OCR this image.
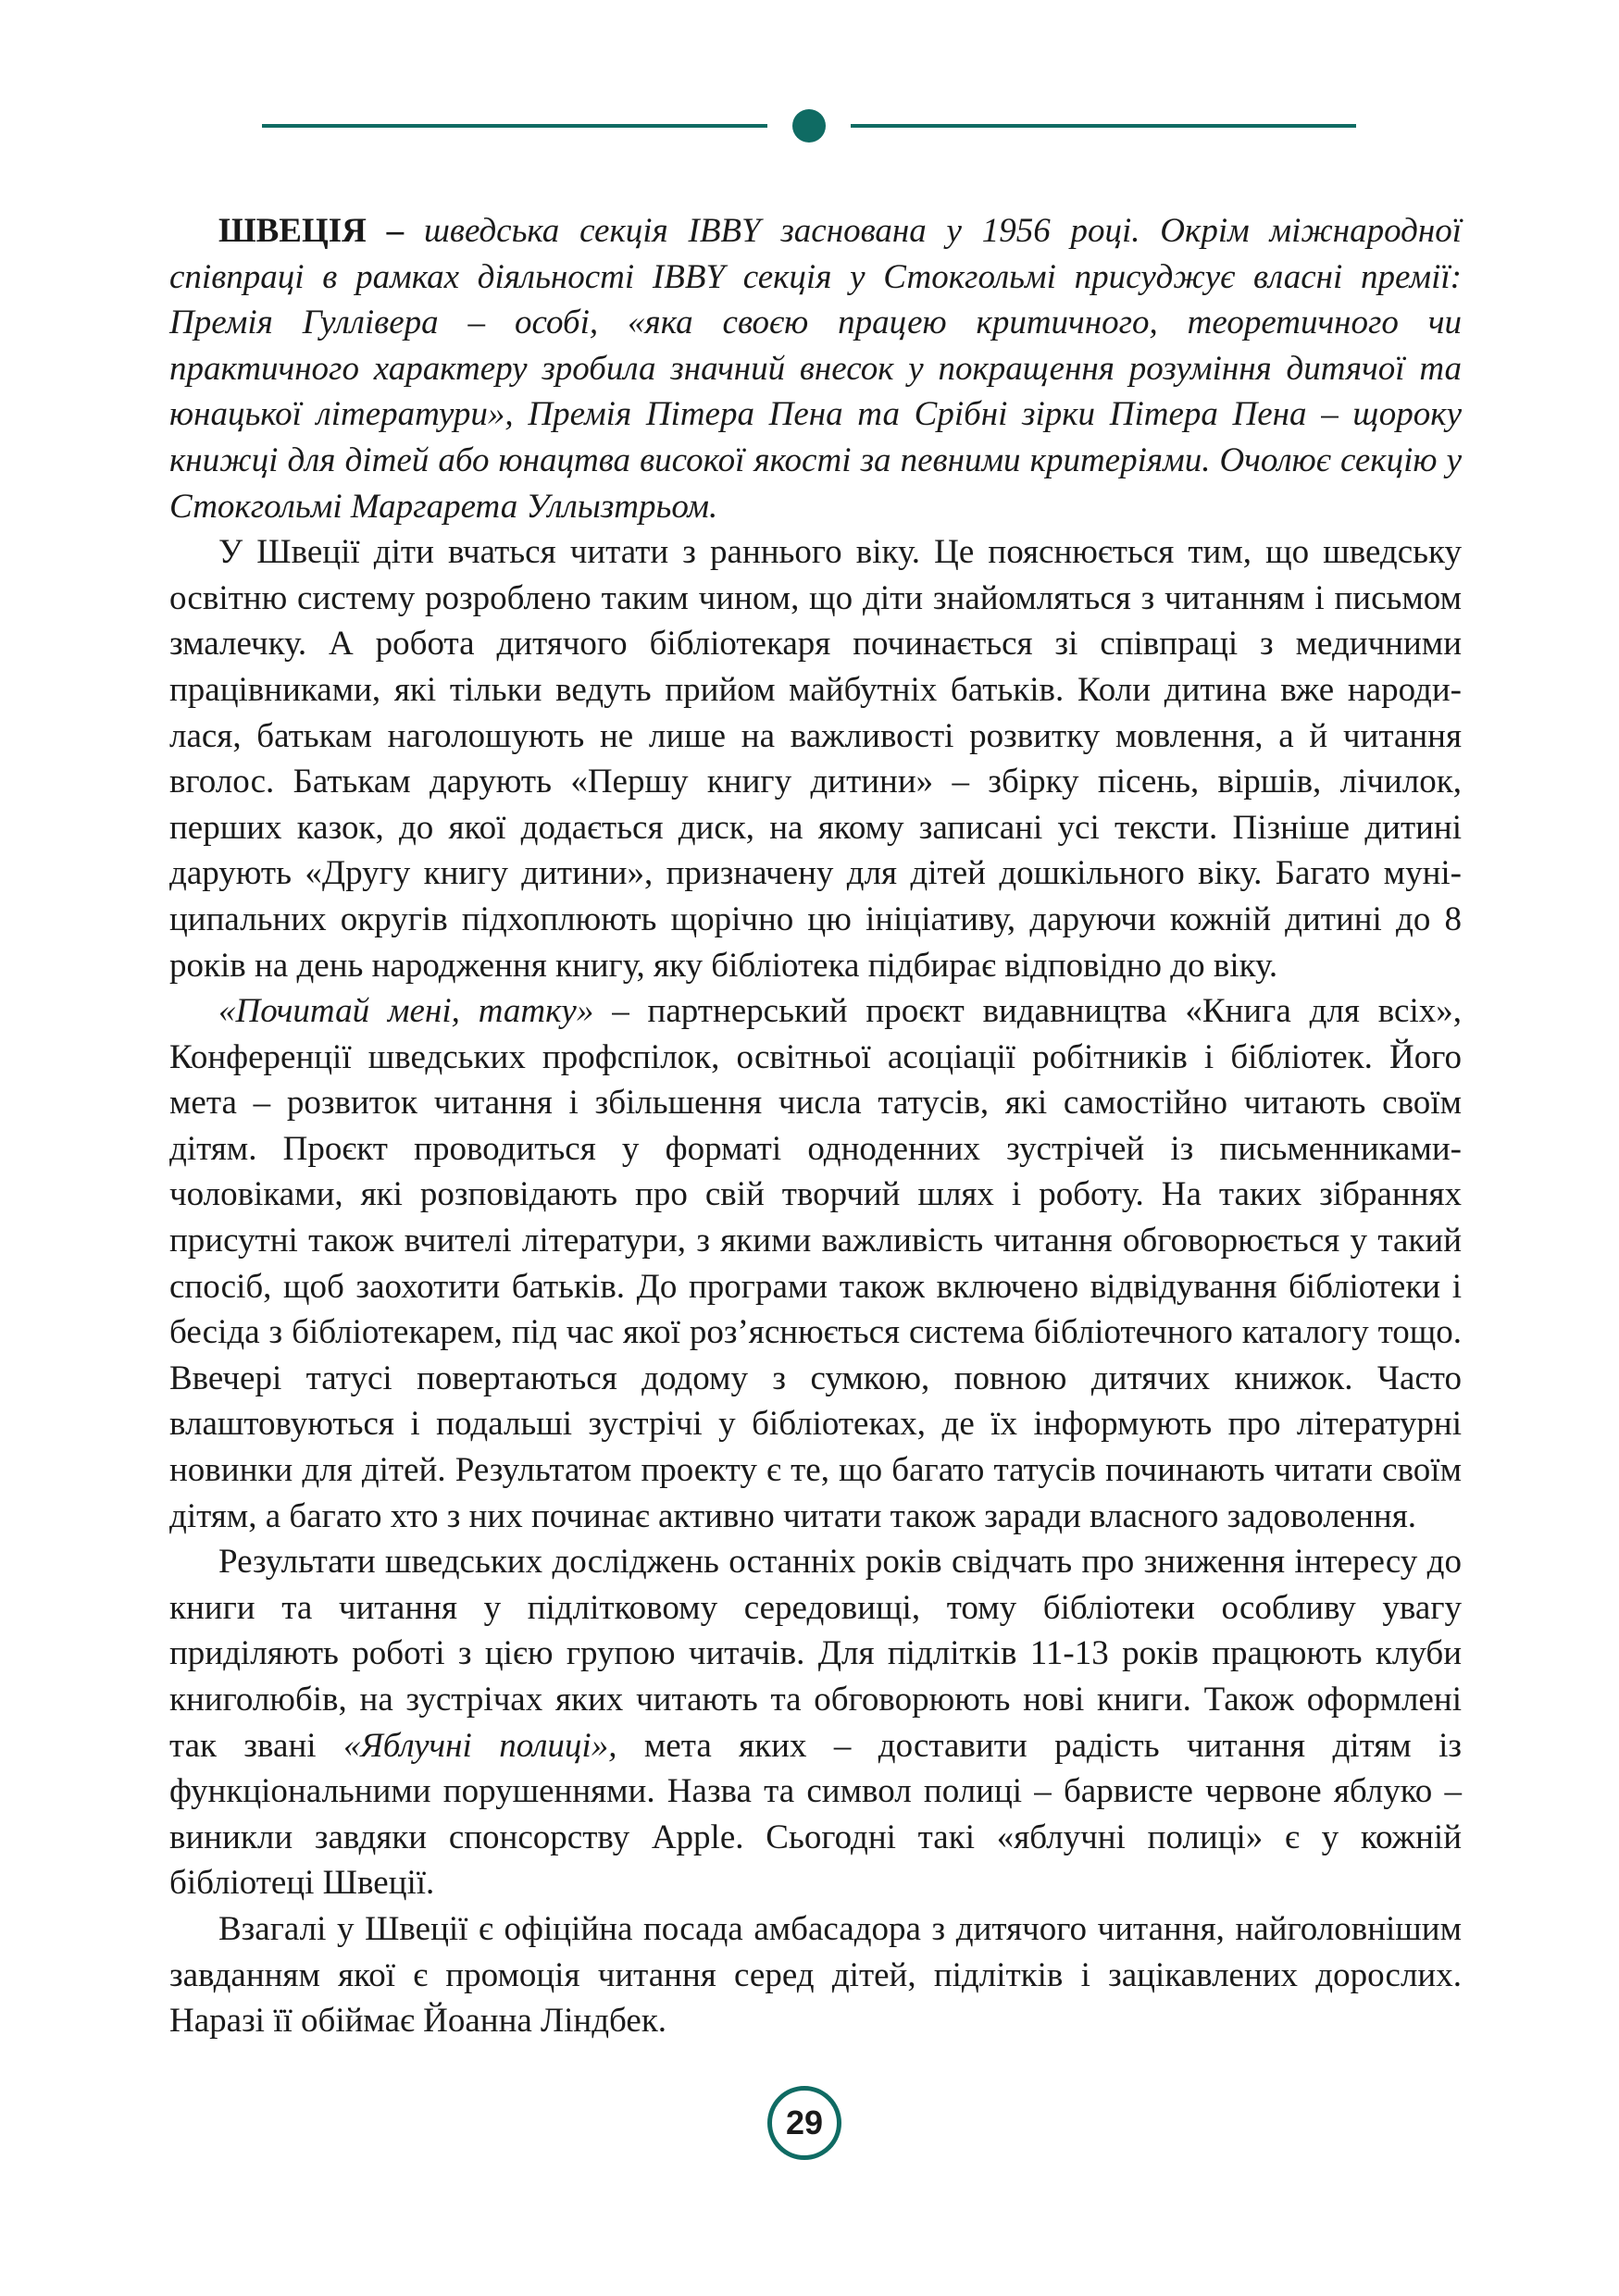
ШВЕЦІЯ – шведська секція IBBY заснована у 1956 році. Окрім міжнародної співпраці в рамках діяльності IBBY секція у Стокгольмі присуджує власні премії: Премія Гуллівера – особі, «яка своєю працею критичного, теоретичного чи практичного характеру зробила значний внесок у покращення розуміння дитячої та юнацької літератури», Премія Пітера Пена та Срібні зірки Пітера Пена – щороку книжці для дітей або юнацтва високої якості за певними критеріями. Очолює секцію у Стокгольмі Маргарета Уллызтрьом.

У Швеції діти вчаться читати з раннього віку. Це пояснюється тим, що шведську освітню систему розроблено таким чином, що діти знайомляться з читанням і письмом змалечку. А робота дитячого бібліотекаря починається зі співпраці з медичними працівниками, які тільки ведуть прийом майбутніх батьків. Коли дитина вже народилася, батькам наголошують не лише на важливості розвитку мовлення, а й читання вголос. Батькам дарують «Першу книгу дитини» – збірку пісень, віршів, лічилок, перших казок, до якої додається диск, на якому записані усі тексти. Пізніше дитині дарують «Другу книгу дитини», призначену для дітей дошкільного віку. Багато муніципальних округів підхоплюють щорічно цю ініціативу, даруючи кожній дитині до 8 років на день народження книгу, яку бібліотека підбирає відповідно до віку.

«Почитай мені, татку» – партнерський проєкт видавництва «Книга для всіх», Конференції шведських профспілок, освітньої асоціації робітників і бібліотек. Його мета – розвиток читання і збільшення числа татусів, які самостійно читають своїм дітям. Проєкт проводиться у форматі одноденних зустрічей із письменниками-чоловіками, які розповідають про свій творчий шлях і роботу. На таких зібраннях присутні також вчителі літератури, з якими важливість читання обговорюється у такий спосіб, щоб заохотити батьків. До програми також включено відвідування бібліотеки і бесіда з бібліотекарем, під час якої роз’яснюється система бібліотечного каталогу тощо. Ввечері татусі повертаються додому з сумкою, повною дитячих книжок. Часто влаштовуються і подальші зустрічі у бібліотеках, де їх інформують про літературні новинки для дітей. Результатом проекту є те, що багато татусів починають читати своїм дітям, а багато хто з них починає активно читати також заради власного задоволення.

Результати шведських досліджень останніх років свідчать про зниження інтересу до книги та читання у підлітковому середовищі, тому бібліотеки особливу увагу приділяють роботі з цією групою читачів. Для підлітків 11-13 років працюють клуби книголюбів, на зустрічах яких читають та обговорюють нові книги. Також оформлені так звані «Яблучні полиці», мета яких – доставити радість читання дітям із функціональними порушеннями. Назва та символ полиці – барвисте червоне яблуко – виникли завдяки спонсорству Apple. Сьогодні такі «яблучні полиці» є у кожній бібліотеці Швеції.

Взагалі у Швеції є офіційна посада амбасадора з дитячого читання, найголовнішим завданням якої є промоція читання серед дітей, підлітків і зацікавлених дорослих. Наразі її обіймає Йоанна Ліндбек.

29
